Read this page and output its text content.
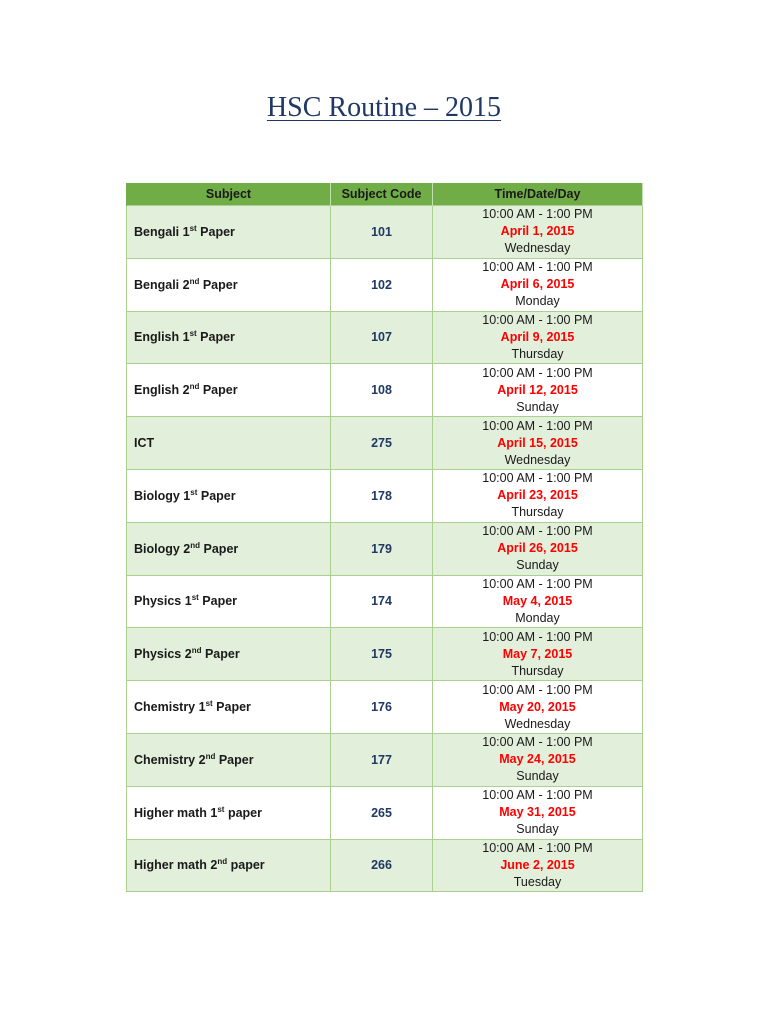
HSC Routine – 2015
Subject	Subject Code	Time/Date/Day
Bengali 1st Paper	101	10:00 AM - 1:00 PM
April 1, 2015
Wednesday

Bengali 2nd Paper	102	10:00 AM - 1:00 PM
April 6, 2015
Monday

English 1st Paper	107	10:00 AM - 1:00 PM
April 9, 2015
Thursday

English 2nd Paper	108	10:00 AM - 1:00 PM
April 12, 2015
Sunday

ICT	275	10:00 AM - 1:00 PM
April 15, 2015
Wednesday

Biology 1st Paper	178	10:00 AM - 1:00 PM
April 23, 2015
Thursday

Biology 2nd Paper	179	10:00 AM - 1:00 PM
April 26, 2015
Sunday

Physics 1st Paper	174	10:00 AM - 1:00 PM
May 4, 2015
Monday

Physics 2nd Paper	175	10:00 AM - 1:00 PM
May 7, 2015
Thursday

Chemistry 1st Paper	176	10:00 AM - 1:00 PM
May 20, 2015
Wednesday

Chemistry 2nd Paper	177	10:00 AM - 1:00 PM
May 24, 2015
Sunday

Higher math 1st paper	265	10:00 AM - 1:00 PM
May 31, 2015
Sunday

Higher math 2nd paper	266	10:00 AM - 1:00 PM
June 2, 2015
Tuesday
